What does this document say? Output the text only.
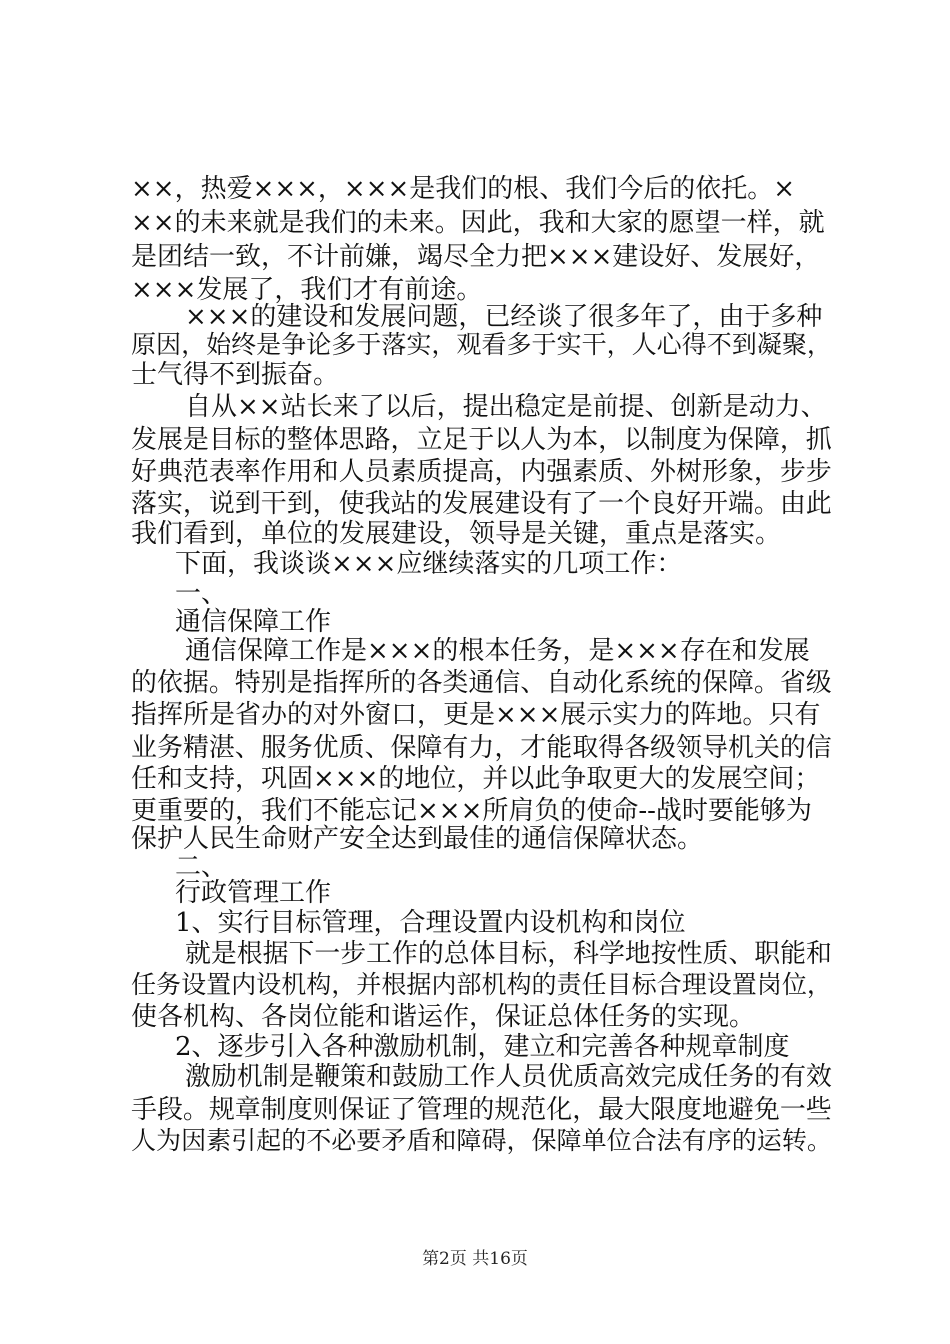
××，热爱×××，×××是我们的根、我们今后的依托。×
××的未来就是我们的未来。因此，我和大家的愿望一样，就
是团结一致，不计前嫌，竭尽全力把×××建设好、发展好，
×××发展了，我们才有前途。
×××的建设和发展问题，已经谈了很多年了，由于多种
原因，始终是争论多于落实，观看多于实干，人心得不到凝聚，
士气得不到振奋。
自从××站长来了以后，提出稳定是前提、创新是动力、
发展是目标的整体思路，立足于以人为本，以制度为保障，抓
好典范表率作用和人员素质提高，内强素质、外树形象，步步
落实，说到干到，使我站的发展建设有了一个良好开端。由此
我们看到，单位的发展建设，领导是关键，重点是落实。
下面，我谈谈×××应继续落实的几项工作：
一、
通信保障工作
通信保障工作是×××的根本任务，是×××存在和发展
的依据。特别是指挥所的各类通信、自动化系统的保障。省级
指挥所是省办的对外窗口，更是×××展示实力的阵地。只有
业务精湛、服务优质、保障有力，才能取得各级领导机关的信
任和支持，巩固×××的地位，并以此争取更大的发展空间；
更重要的，我们不能忘记×××所肩负的使命--战时要能够为
保护人民生命财产安全达到最佳的通信保障状态。
二、
行政管理工作
1、实行目标管理，合理设置内设机构和岗位
就是根据下一步工作的总体目标，科学地按性质、职能和
任务设置内设机构，并根据内部机构的责任目标合理设置岗位，
使各机构、各岗位能和谐运作，保证总体任务的实现。
2、逐步引入各种激励机制，建立和完善各种规章制度
激励机制是鞭策和鼓励工作人员优质高效完成任务的有效
手段。规章制度则保证了管理的规范化，最大限度地避免一些
人为因素引起的不必要矛盾和障碍，保障单位合法有序的运转。
第2页 共16页
